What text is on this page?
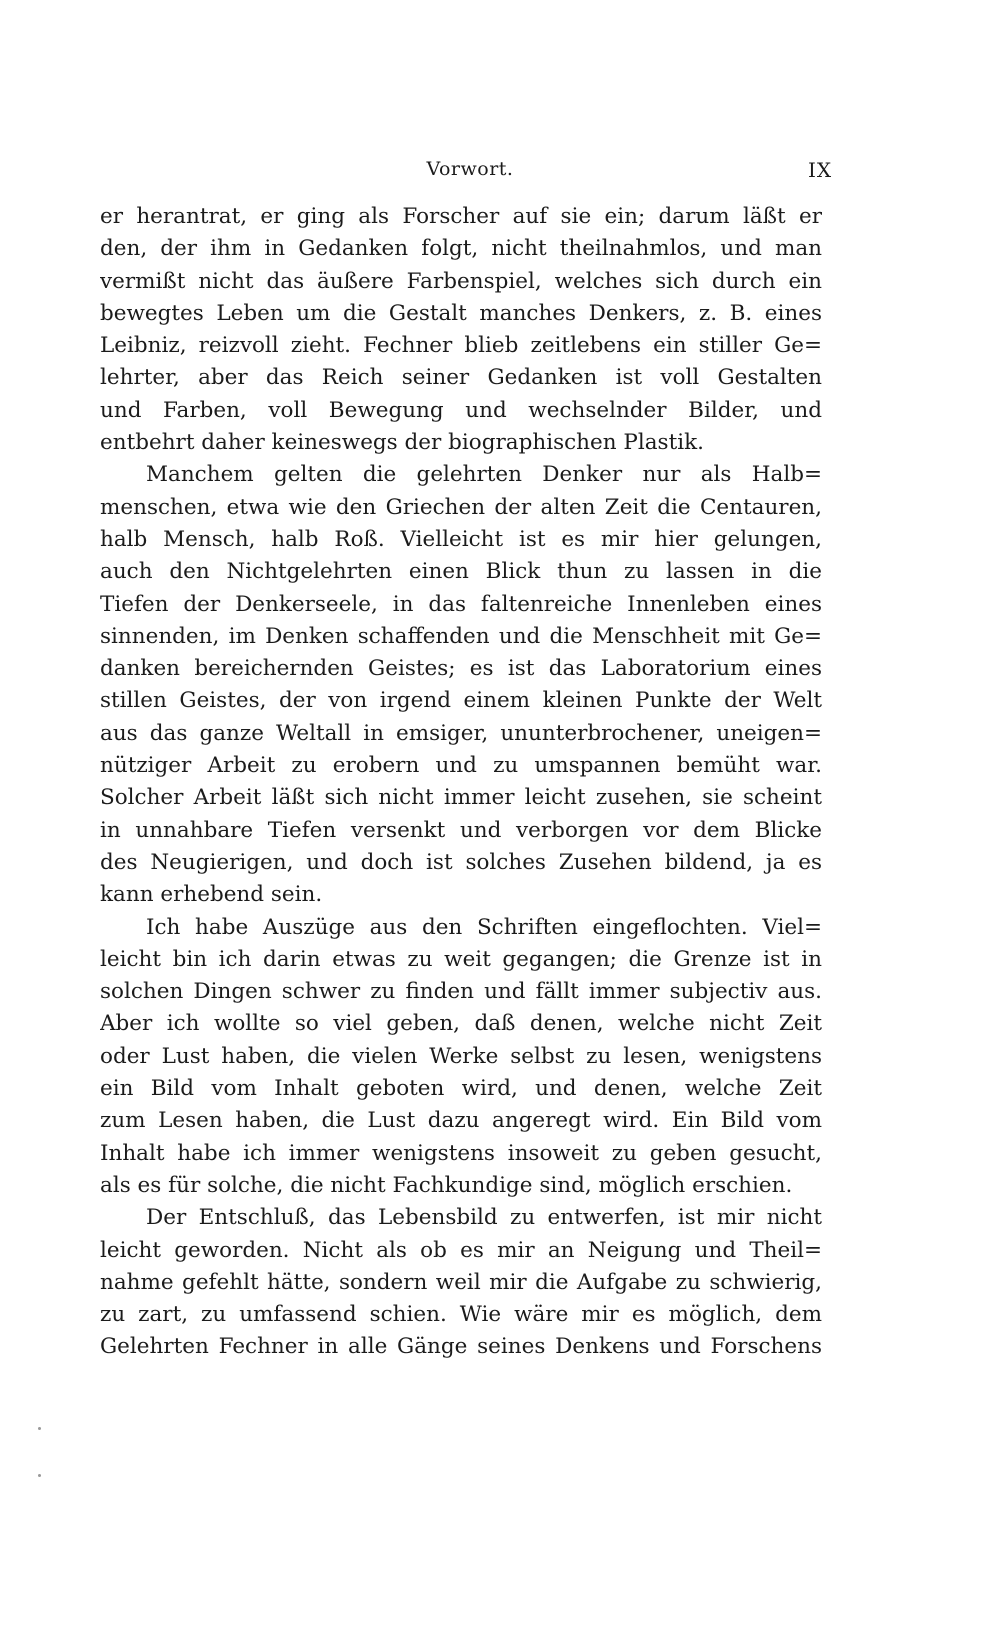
Vorwort.	IX
er herantrat, er ging als Forscher auf sie ein; darum läßt er
den, der ihm in Gedanken folgt, nicht theilnahmlos, und man
vermißt nicht das äußere Farbenspiel, welches sich durch ein
bewegtes Leben um die Gestalt manches Denkers, z. B. eines
Leibniz, reizvoll zieht. Fechner blieb zeitlebens ein stiller Ge=
lehrter, aber das Reich seiner Gedanken ist voll Gestalten
und Farben, voll Bewegung und wechselnder Bilder, und
entbehrt daher keineswegs der biographischen Plastik.
Manchem gelten die gelehrten Denker nur als Halb=
menschen, etwa wie den Griechen der alten Zeit die Centauren,
halb Mensch, halb Roß. Vielleicht ist es mir hier gelungen,
auch den Nichtgelehrten einen Blick thun zu lassen in die
Tiefen der Denkerseele, in das faltenreiche Innenleben eines
sinnenden, im Denken schaffenden und die Menschheit mit Ge=
danken bereichernden Geistes; es ist das Laboratorium eines
stillen Geistes, der von irgend einem kleinen Punkte der Welt
aus das ganze Weltall in emsiger, ununterbrochener, uneigen=
nütziger Arbeit zu erobern und zu umspannen bemüht war.
Solcher Arbeit läßt sich nicht immer leicht zusehen, sie scheint
in unnahbare Tiefen versenkt und verborgen vor dem Blicke
des Neugierigen, und doch ist solches Zusehen bildend, ja es
kann erhebend sein.
Ich habe Auszüge aus den Schriften eingeflochten. Viel=
leicht bin ich darin etwas zu weit gegangen; die Grenze ist in
solchen Dingen schwer zu finden und fällt immer subjectiv aus.
Aber ich wollte so viel geben, daß denen, welche nicht Zeit
oder Lust haben, die vielen Werke selbst zu lesen, wenigstens
ein Bild vom Inhalt geboten wird, und denen, welche Zeit
zum Lesen haben, die Lust dazu angeregt wird. Ein Bild vom
Inhalt habe ich immer wenigstens insoweit zu geben gesucht,
als es für solche, die nicht Fachkundige sind, möglich erschien.
Der Entschluß, das Lebensbild zu entwerfen, ist mir nicht
leicht geworden. Nicht als ob es mir an Neigung und Theil=
nahme gefehlt hätte, sondern weil mir die Aufgabe zu schwierig,
zu zart, zu umfassend schien. Wie wäre mir es möglich, dem
Gelehrten Fechner in alle Gänge seines Denkens und Forschens
